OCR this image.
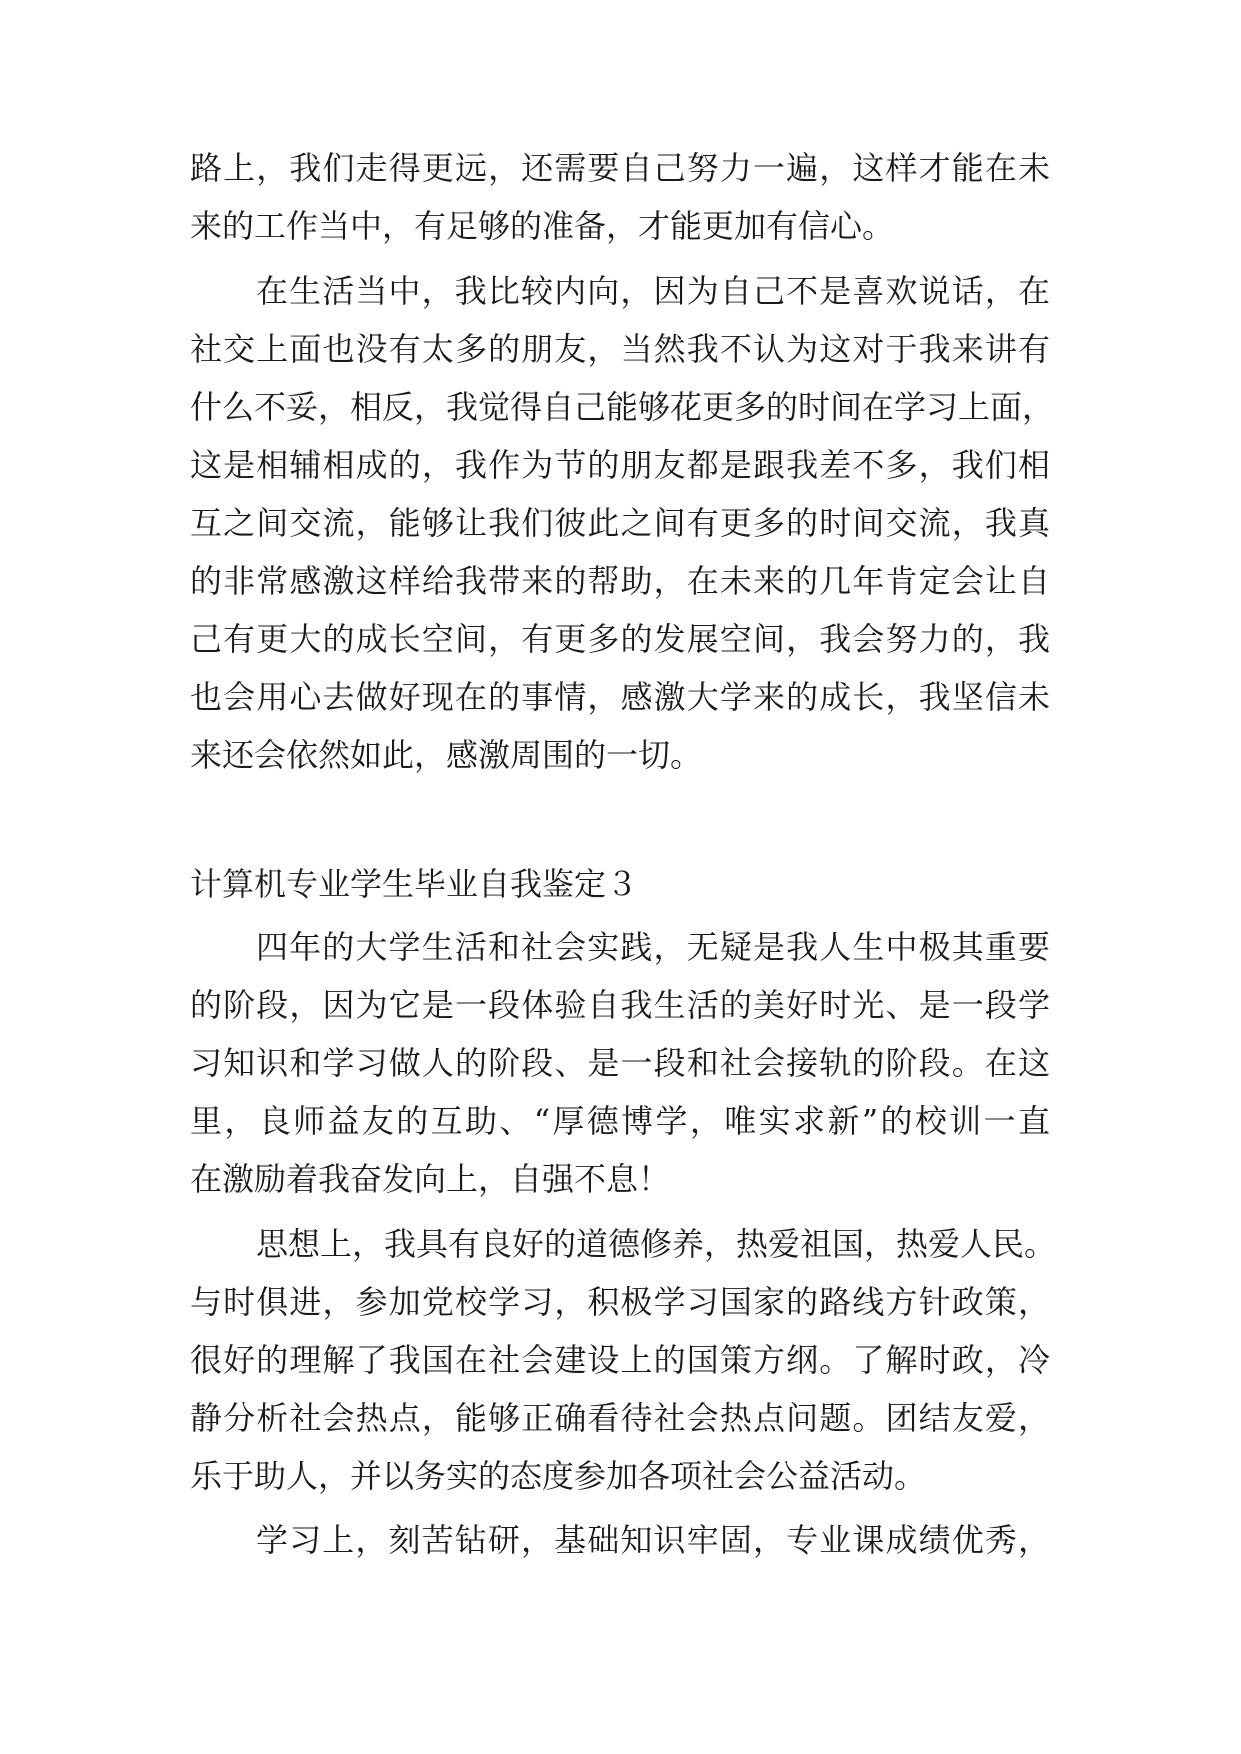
路上，我们走得更远，还需要自己努力一遍，这样才能在未
来的工作当中，有足够的准备，才能更加有信心。
在生活当中，我比较内向，因为自己不是喜欢说话，在
社交上面也没有太多的朋友，当然我不认为这对于我来讲有
什么不妥，相反，我觉得自己能够花更多的时间在学习上面，
这是相辅相成的，我作为节的朋友都是跟我差不多，我们相
互之间交流，能够让我们彼此之间有更多的时间交流，我真
的非常感激这样给我带来的帮助，在未来的几年肯定会让自
己有更大的成长空间，有更多的发展空间，我会努力的，我
也会用心去做好现在的事情，感激大学来的成长，我坚信未
来还会依然如此，感激周围的一切。
计算机专业学生毕业自我鉴定３
四年的大学生活和社会实践，无疑是我人生中极其重要
的阶段，因为它是一段体验自我生活的美好时光、是一段学
习知识和学习做人的阶段、是一段和社会接轨的阶段。在这
里，良师益友的互助、“厚德博学，唯实求新”的校训一直
在激励着我奋发向上，自强不息！
思想上，我具有良好的道德修养，热爱祖国，热爱人民。
与时俱进，参加党校学习，积极学习国家的路线方针政策，
很好的理解了我国在社会建设上的国策方纲。了解时政，冷
静分析社会热点，能够正确看待社会热点问题。团结友爱，
乐于助人，并以务实的态度参加各项社会公益活动。
学习上，刻苦钻研，基础知识牢固，专业课成绩优秀，
